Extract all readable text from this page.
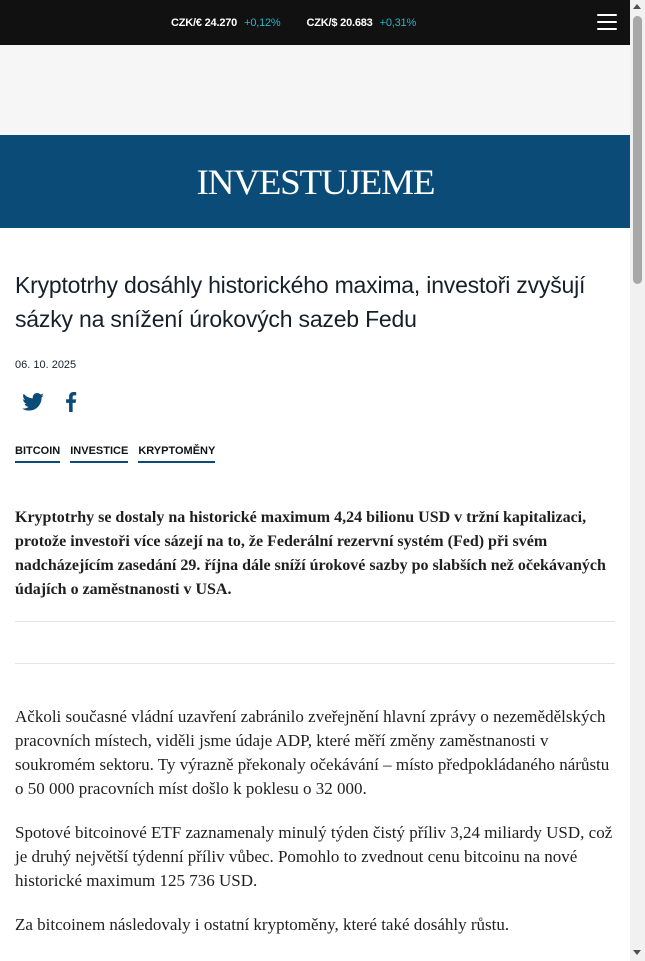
CZK/€ 24.270 +0,12% CZK/$ 20.683 +0,31%
INVESTUJEME
Kryptotrhy dosáhly historického maxima, investoři zvyšují sázky na snížení úrokových sazeb Fedu
06. 10. 2025
BITCOIN INVESTICE KRYPTOMĚNY
Kryptotrhy se dostaly na historické maximum 4,24 bilionu USD v tržní kapitalizaci, protože investoři více sázejí na to, že Federální rezervní systém (Fed) při svém nadcházejícím zasedání 29. října dále sníží úrokové sazby po slabších než očekávaných údajích o zaměstnanosti v USA.

Ačkoli současné vládní uzavření zabránilo zveřejnění hlavní zprávy o nezemědělských pracovních místech, viděli jsme údaje ADP, které měří změny zaměstnanosti v soukromém sektoru. Ty výrazně překonaly očekávání – místo předpokládaného nárůstu o 50 000 pracovních míst došlo k poklesu o 32 000.

Spotové bitcoinové ETF zaznamenaly minulý týden čistý příliv 3,24 miliardy USD, což je druhý největší týdenní příliv vůbec. Pomohlo to zvednout cenu bitcoinu na nové historické maximum 125 736 USD.

Za bitcoinem následovaly i ostatní kryptoměny, které také dosáhly růstu.
